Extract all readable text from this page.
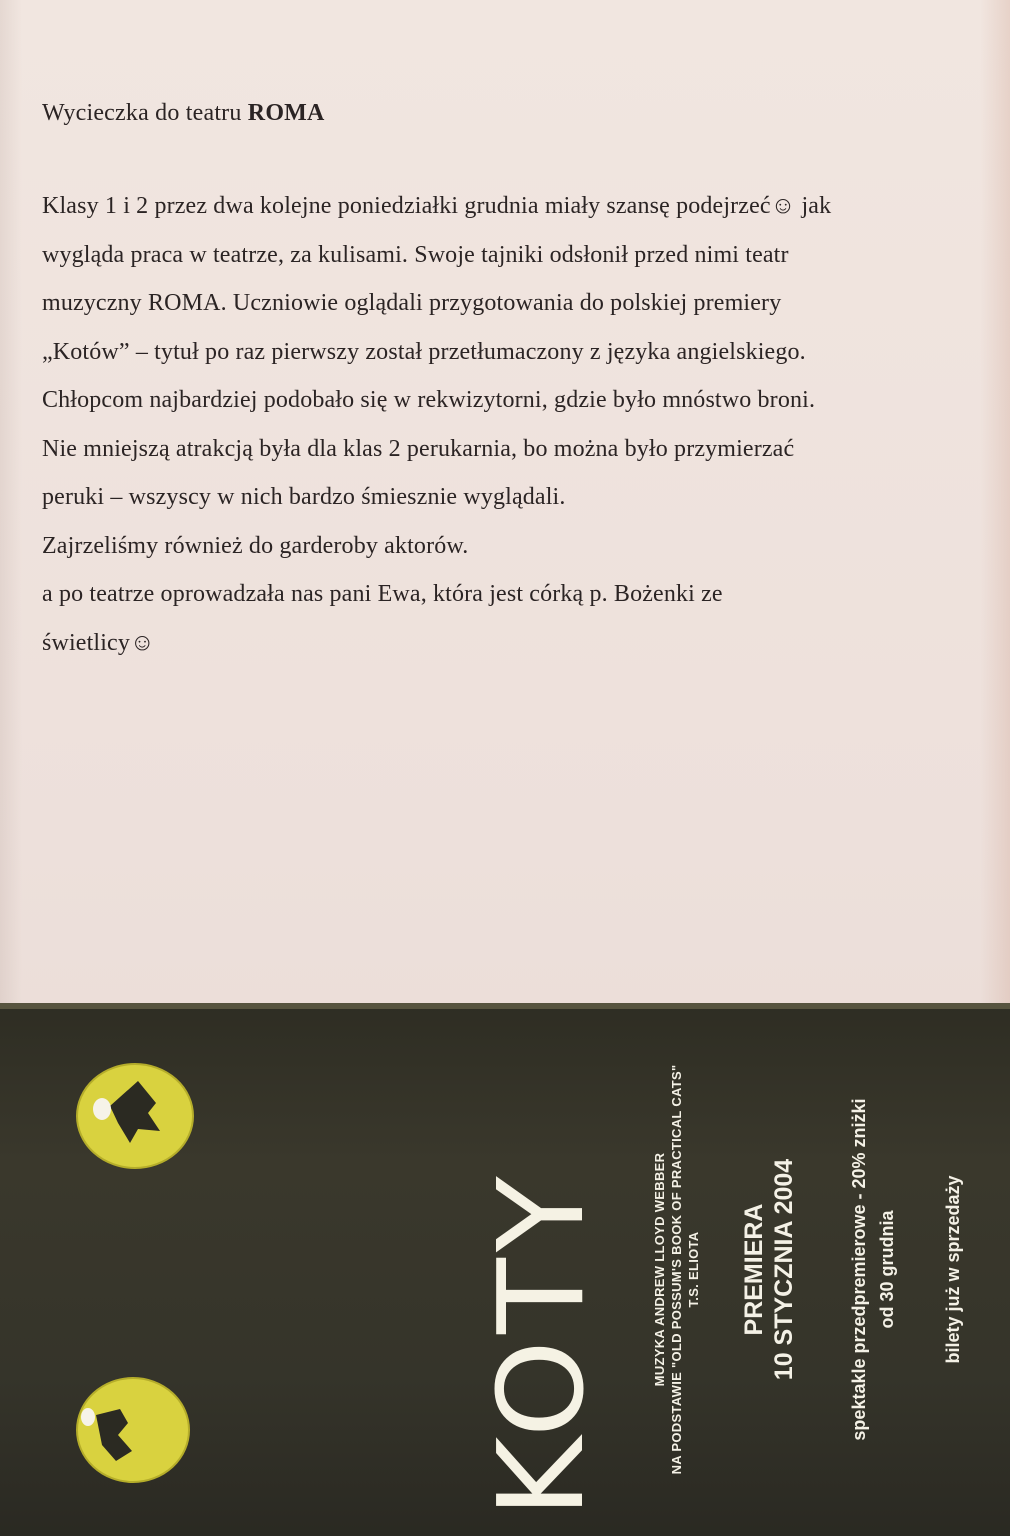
Wycieczka do teatru ROMA

Klasy 1 i 2 przez dwa kolejne poniedziałki grudnia miały szansę podejrzeć☺ jak
wygląda praca w teatrze, za kulisami. Swoje tajniki odsłonił przed nimi teatr
muzyczny ROMA. Uczniowie oglądali przygotowania do polskiej premiery
„Kotów” – tytuł po raz pierwszy został przetłumaczony z języka angielskiego.
Chłopcom najbardziej podobało się w rekwizytorni, gdzie było mnóstwo broni.
Nie mniejszą atrakcją była dla klas 2 perukarnia, bo można było przymierzać
peruki – wszyscy w nich bardzo śmiesznie wyglądali.
Zajrzeliśmy również do garderoby aktorów.
a po teatrze oprowadzała nas pani Ewa, która jest córką p. Bożenki ze
świetlicy☺
KOTY	MUZYKA ANDREW LLOYD WEBBER NA PODSTAWIE "OLD POSSUM'S BOOK OF PRACTICAL CATS" T.S. ELIOTA PREMIERA 10 STYCZNIA 2004	spektakle przedpremierowe - 20% zniżki od 30 grudnia	bilety już w sprzedaży
